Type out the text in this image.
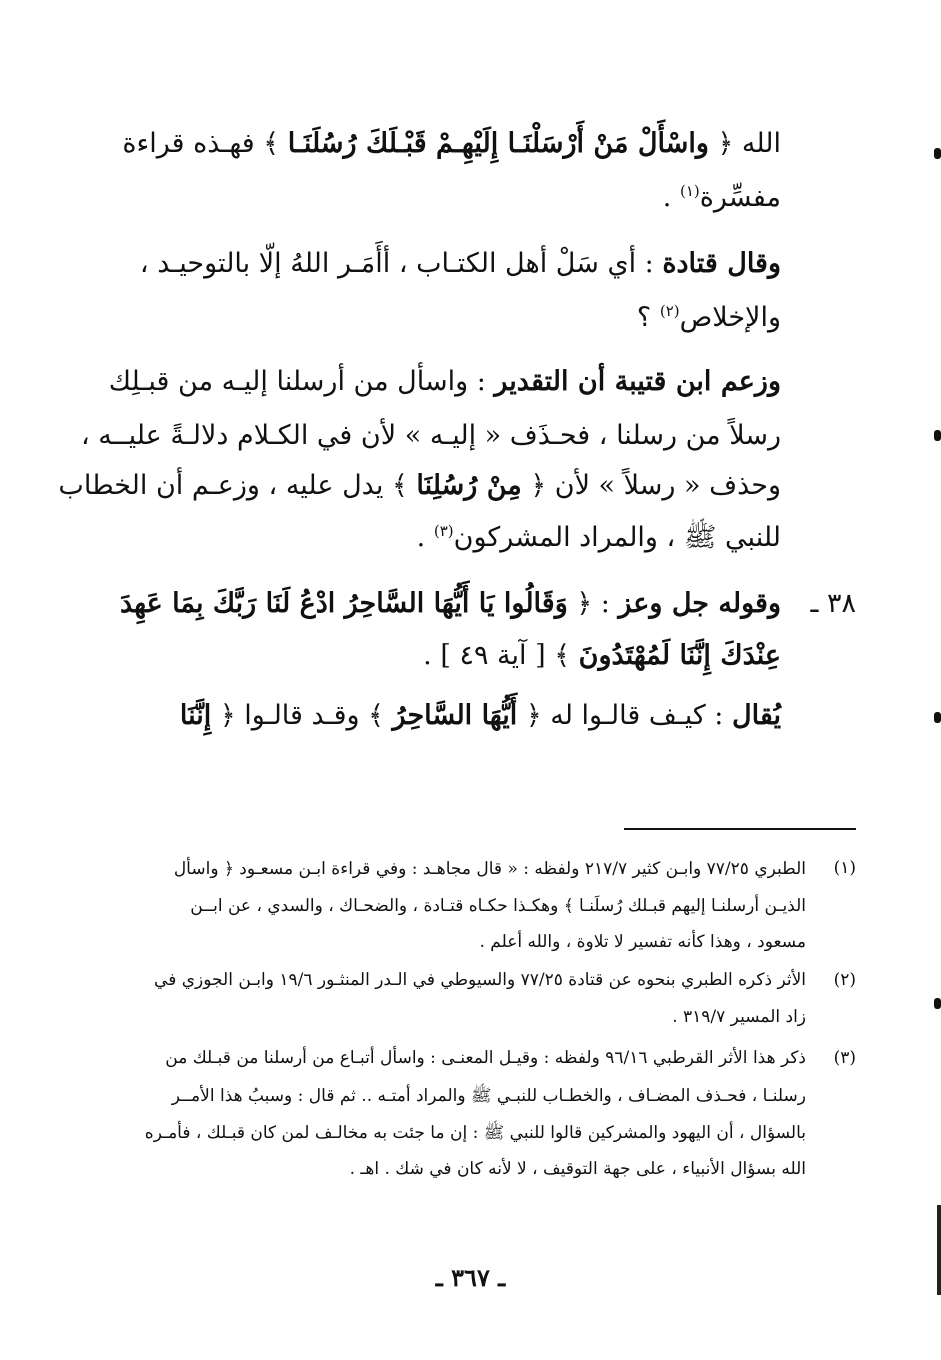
الله ﴿ واسْأَلْ مَنْ أَرْسَلْنَـا إِلَيْهِـمْ قَبْـلَكَ رُسُلَنَـا ﴾ فهـذه قراءة
مفسِّرة$^{(١)}$ .
وقال قتادة : أي سَلْ أهل الكتـاب ، أأَمَـر اللهُ إلّا بالتوحيـد ،
والإخلاص$^{(٢)}$ ؟
وزعم ابن قتيبة أن التقدير : واسأل من أرسلنا إليـه من قبـلِك
رسلاً من رسلنا ، فحـذَف « إليـه » لأن في الكـلام دلالـةً عليــه ،
وحذف « رسلاً » لأن ﴿ مِنْ رُسُلِنَا ﴾ يدل عليه ، وزعـم أن الخطاب
للنبي ﷺ ، والمراد المشركون$^{(٣)}$ .
وقوله جل وعز : ﴿ وَقَالُوا يَا أَيُّهَا السَّاحِرُ ادْعُ لَنَا رَبَّكَ بِمَا عَهِدَ
عِنْدَكَ إِنَّنَا لَمُهْتَدُونَ ﴾ [ آية ٤٩ ] .
يُقال : كيـف قالـوا له ﴿ أَيُّهَا السَّاحِرُ ﴾ وقـد قالـوا ﴿ إِنَّنَا
٣٨ ـ
(١)
(٢)
(٣)
الطبري ٧٧/٢٥ وابـن كثير ٢١٧/٧ ولفظه : « قال مجاهـد : وفي قراءة ابـن مسعـود ﴿ واسأل
الذيـن أرسلنـا إليهم قبـلك رُسلَنـا ﴾ وهكـذا حكـاه قتـادة ، والضحـاك ، والسدي ، عن ابــن
مسعود ، وهذا كأنه تفسير لا تلاوة ، والله أعلم .
الأثر ذكره الطبري بنحوه عن قتادة ٧٧/٢٥ والسيوطي في الـدر المنثـور ١٩/٦ وابـن الجوزي في
زاد المسير ٣١٩/٧ .
ذكر هذا الأثر القرطبي ٩٦/١٦ ولفظه : وقيـل المعنـى : واسأل أتبـاع من أرسلنا من قبـلك من
رسلنـا ، فحـذف المضـاف ، والخطـاب للنبـي ﷺ والمراد أمتـه .. ثم قال : وسببُ هذا الأمــر
بالسؤال ، أن اليهود والمشركين قالوا للنبي ﷺ : إن ما جئت به مخالـف لمن كان قبـلك ، فأمـره
الله بسؤال الأنبياء ، على جهة التوقيف ، لا لأنه كان في شك . اهـ .
ـ ٣٦٧ ـ
